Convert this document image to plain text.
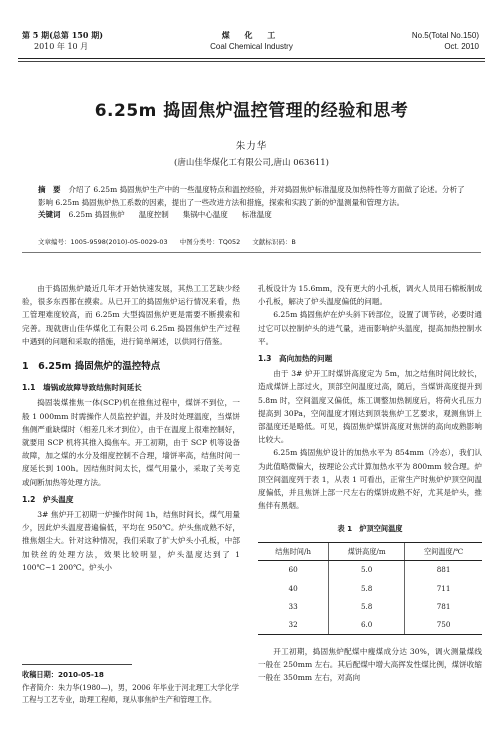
第 5 期(总第 150 期)
2010 年 10 月
煤 化 工
Coal Chemical Industry
No.5(Total No.150)
Oct. 2010
6.25m 捣固焦炉温控管理的经验和思考
朱力华
(唐山佳华煤化工有限公司,唐山 063611)
摘　要 介绍了 6.25m 捣固焦炉生产中的一些温度特点和温控经验，并对捣固焦炉标准温度及加热特性等方面做了论述。分析了影响 6.25m 捣固焦炉热工系数的因素，提出了一些改进方法和措施，探索和实践了新的炉温测量和管理方法。
关键词 6.25m 捣固焦炉 温度控制 集锅中心温度 标准温度
文章编号：1005-9598(2010)-05-0029-03 中图分类号：TQ052 文献标识码：B

由于捣固焦炉最近几年才开始快速发展，其热工工艺缺少经验，很多东西都在摸索。从已开工的捣固焦炉运行情况来看，热工管理难度较高，而 6.25m 大型捣固焦炉更是需要不断摸索和完善。现就唐山佳华煤化工有限公司 6.25m 捣固焦炉生产过程中遇到的问题和采取的措施，进行简单阐述，以供同行借鉴。

1　6.25m 捣固焦炉的温控特点
1.1　墙锅或故障导致结焦时间延长

捣固装煤推焦一体(SCP)机在推焦过程中，煤饼不到位，一般 1 000mm 时需操作人员监控护温，并及时处理温度，当煤饼焦侧严重缺煤时（相差几米才到位），由于在温度上很难控制好，就要用 SCP 机将其推入捣焦车。开工初期，由于 SCP 机等设备故障，加之煤的水分及细度控制不合理，墙饼率高，结焦时间一度延长到 100h。因结焦时间太长，煤气用量小，采取了关考克或间断加热等处理方法。

1.2　炉头温度

3# 焦炉开工初期一炉操作时间 1h，结焦时间长，煤气用量少，因此炉头温度普遍偏低，平均在 950℃。炉头焦成熟不好，推焦烟尘大。针对这种情况，我们采取了扩大炉头小孔板，中部加铁丝的处理方法，效果比较明显，炉头温度达到了 1 100℃~1 200℃。炉头小

收稿日期：2010-05-18
作者简介：朱力华(1980—)，男，2006 年毕业于河北理工大学化学工程与工艺专业，助理工程师，现从事焦炉生产和管理工作。

孔板设计为 15.6mm，没有更大的小孔板，调火人员用石棉板制成小孔板，解决了炉头温度偏低的问题。

6.25m 捣固焦炉在炉头斜下砖部位，设置了调节砖，必要时通过它可以控制炉头的进气量，进而影响炉头温度，提高加热控制水平。

1.3　高向加热的问题

由于 3# 炉开工时煤饼高度定为 5m，加之结焦时间比较长，造成煤饼上部过火，顶部空间温度过高，随后，当煤饼高度提升到 5.8m 时，空间温度又偏低，炼工调整加热制度后，将荷火孔压力提高到 30Pa，空间温度才刚达到顶装焦炉工艺要求，观测焦饼上部温度还是略低。可见，捣固焦炉煤饼高度对焦饼的高向成熟影响比较大。

6.25m 捣固焦炉设计的加热水平为 854mm（冷态），我们认为此值略微偏大，按理论公式计算加热水平为 800mm 较合理。炉顶空间温度列于表 1，从表 1 可看出，正常生产时焦炉炉顶空间温度偏低，并且焦饼上部一尺左右的煤饼成熟不好，尤其是炉头，推焦伴有黑烟。

表 1　炉顶空间温度
结焦时间/h	煤饼高度/m	空间温度/℃
60	5.0	881
40	5.8	711
33	5.8	781
32	6.0	750

开工初期，捣固焦炉配煤中瘦煤成分达 30%，调火测量煤线一般在 250mm 左右。其后配煤中增大高挥发性煤比例，煤饼收缩一般在 350mm 左右，对高向
